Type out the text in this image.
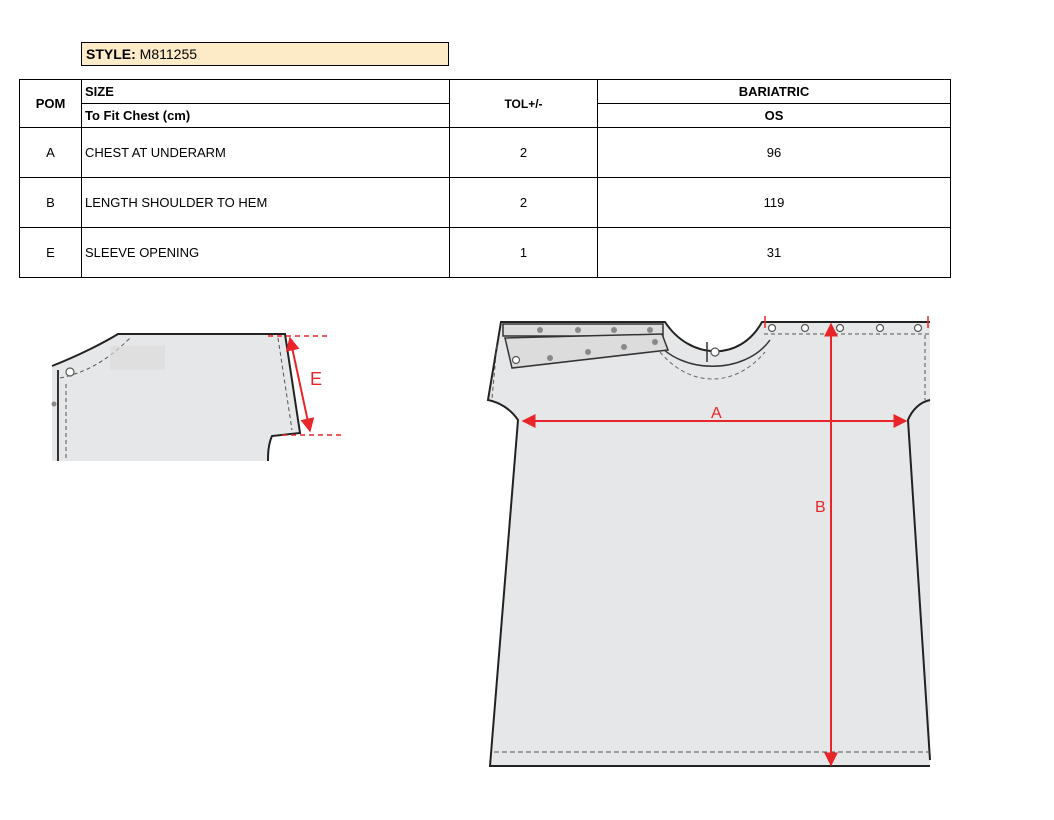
STYLE: M811255
POM	SIZE	TOL+/-	BARIATRIC
	To Fit Chest (cm)		OS
A	CHEST AT UNDERARM	2	96
B	LENGTH SHOULDER TO HEM	2	119
E	SLEEVE OPENING	1	31
E
A
B
